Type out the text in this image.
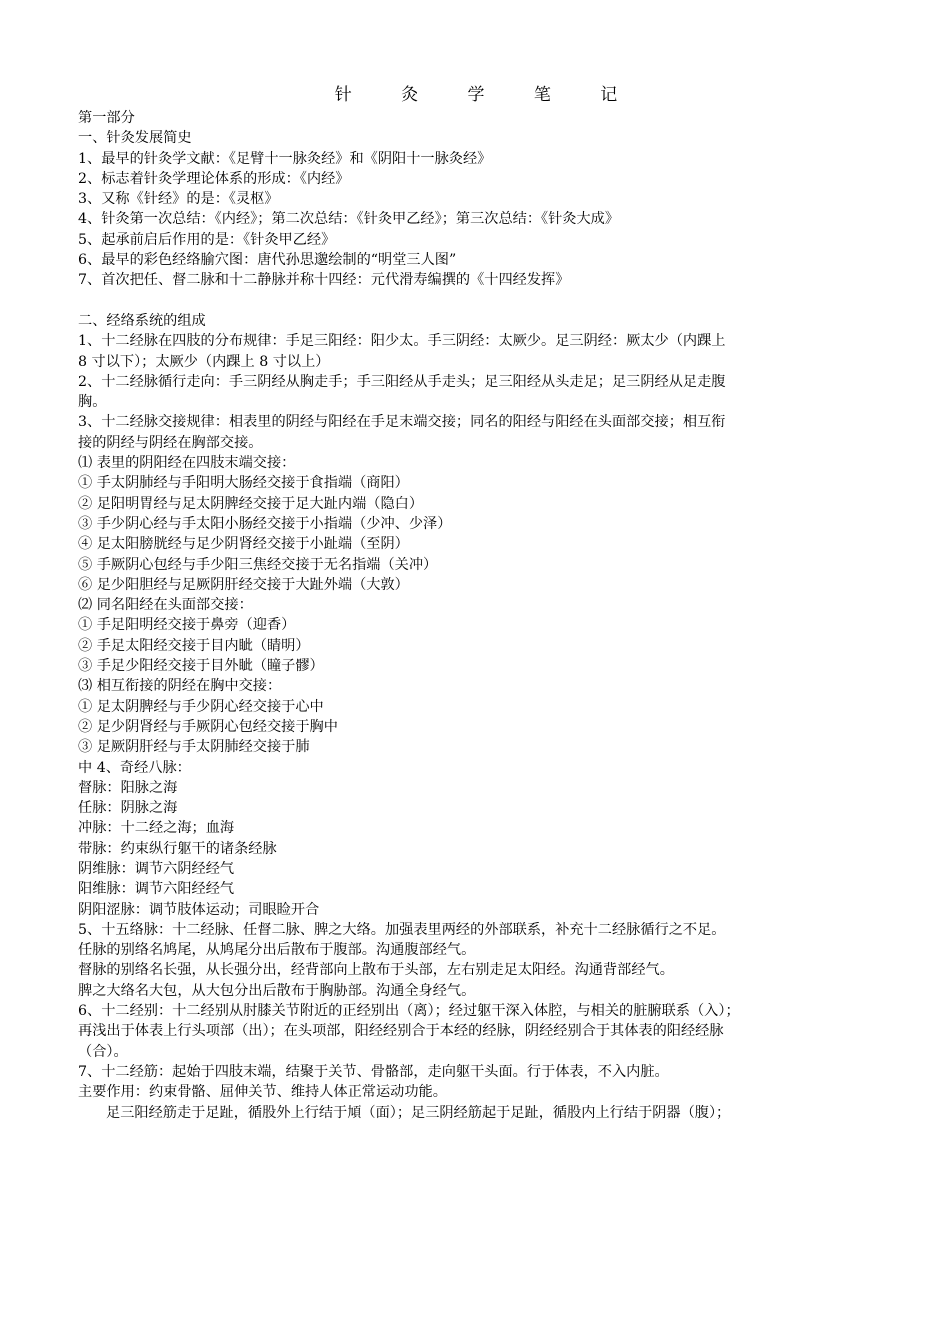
针 灸 学 笔 记
第一部分
一、针灸发展简史
1、最早的针灸学文献：《足臂十一脉灸经》和《阴阳十一脉灸经》
2、标志着针灸学理论体系的形成：《内经》
3、又称《针经》的是：《灵枢》
4、针灸第一次总结：《内经》；第二次总结：《针灸甲乙经》；第三次总结：《针灸大成》
5、起承前启后作用的是：《针灸甲乙经》
6、最早的彩色经络腧穴图：唐代孙思邈绘制的“明堂三人图”
7、首次把任、督二脉和十二静脉并称十四经：元代滑寿编撰的《十四经发挥》
二、经络系统的组成
1、十二经脉在四肢的分布规律：手足三阳经：阳少太。手三阴经：太厥少。足三阴经：厥太少（内踝上
8 寸以下）；太厥少（内踝上 8 寸以上）
2、十二经脉循行走向：手三阴经从胸走手；手三阳经从手走头；足三阳经从头走足；足三阴经从足走腹
胸。
3、十二经脉交接规律：相表里的阴经与阳经在手足末端交接；同名的阳经与阳经在头面部交接；相互衔
接的阴经与阴经在胸部交接。
⑴ 表里的阴阳经在四肢末端交接：
① 手太阴肺经与手阳明大肠经交接于食指端（商阳）
② 足阳明胃经与足太阴脾经交接于足大趾内端（隐白）
③ 手少阴心经与手太阳小肠经交接于小指端（少冲、少泽）
④ 足太阳膀胱经与足少阴肾经交接于小趾端（至阴）
⑤ 手厥阴心包经与手少阳三焦经交接于无名指端（关冲）
⑥ 足少阳胆经与足厥阴肝经交接于大趾外端（大敦）
⑵ 同名阳经在头面部交接：
① 手足阳明经交接于鼻旁（迎香）
② 手足太阳经交接于目内眦（睛明）
③ 手足少阳经交接于目外眦（瞳子髎）
⑶ 相互衔接的阴经在胸中交接：
① 足太阴脾经与手少阴心经交接于心中
② 足少阴肾经与手厥阴心包经交接于胸中
③ 足厥阴肝经与手太阴肺经交接于肺
中 4、奇经八脉：
督脉：阳脉之海
任脉：阴脉之海
冲脉：十二经之海；血海
带脉：约束纵行躯干的诸条经脉
阴维脉：调节六阴经经气
阳维脉：调节六阳经经气
阴阳涩脉：调节肢体运动；司眼睑开合
5、十五络脉：十二经脉、任督二脉、脾之大络。加强表里两经的外部联系，补充十二经脉循行之不足。
任脉的别络名鸠尾，从鸠尾分出后散布于腹部。沟通腹部经气。
督脉的别络名长强，从长强分出，经背部向上散布于头部，左右别走足太阳经。沟通背部经气。
脾之大络名大包，从大包分出后散布于胸胁部。沟通全身经气。
6、十二经别：十二经别从肘膝关节附近的正经别出（离）；经过躯干深入体腔，与相关的脏腑联系（入）；
再浅出于体表上行头项部（出）；在头项部，阳经经别合于本经的经脉，阴经经别合于其体表的阳经经脉
（合）。
7、十二经筋：起始于四肢末端，结聚于关节、骨骼部，走向躯干头面。行于体表，不入内脏。
主要作用：约束骨骼、屈伸关节、维持人体正常运动功能。
足三阳经筋走于足趾，循股外上行结于頄（面）；足三阴经筋起于足趾，循股内上行结于阴器（腹）；
